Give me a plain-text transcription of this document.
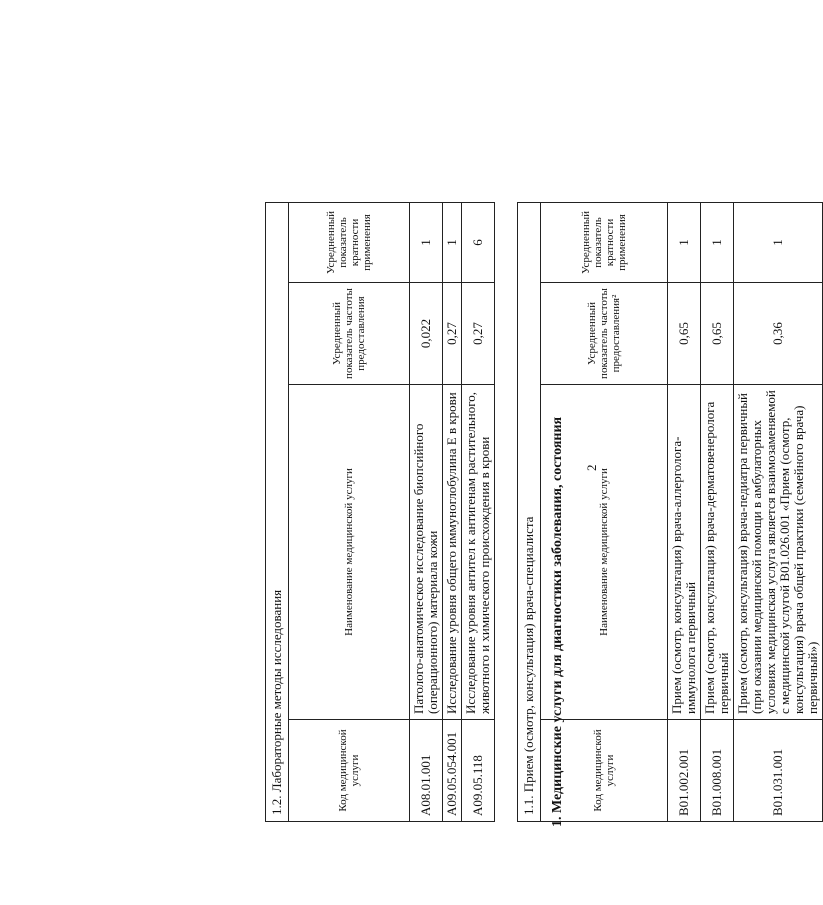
2
1. Медицинские услуги для диагностики заболевания, состояния
1.1. Прием (осмотр, консультация) врача-специалиста			
Код медицинской услуги	Наименование медицинской услуги	Усредненный показатель частоты предоставления²	Усредненный показатель кратности применения
B01.002.001	Прием (осмотр, консультация) врача-аллерголога-иммунолога первичный	0,65	1
B01.008.001	Прием (осмотр, консультация) врача-дерматовенеролога первичный	0,65	1
B01.031.001	Прием (осмотр, консультация) врача-педиатра первичный (при оказании медицинской помощи в амбулаторных условиях медицинская услуга является взаимозаменяемой с медицинской услугой B01.026.001 «Прием (осмотр, консультация) врача общей практики (семейного врача) первичный»)	0,36	1
1.2. Лабораторные методы исследования			
Код медицинской услуги	Наименование медицинской услуги	Усредненный показатель частоты предоставления	Усредненный показатель кратности применения
A08.01.001	Патолого-анатомическое исследование биопсийного (операционного) материала кожи	0,022	1
A09.05.054.001	Исследование уровня общего иммуноглобулина E в крови	0,27	1
A09.05.118	Исследование уровня антител к антигенам растительного, животного и химического происхождения в крови	0,27	6
